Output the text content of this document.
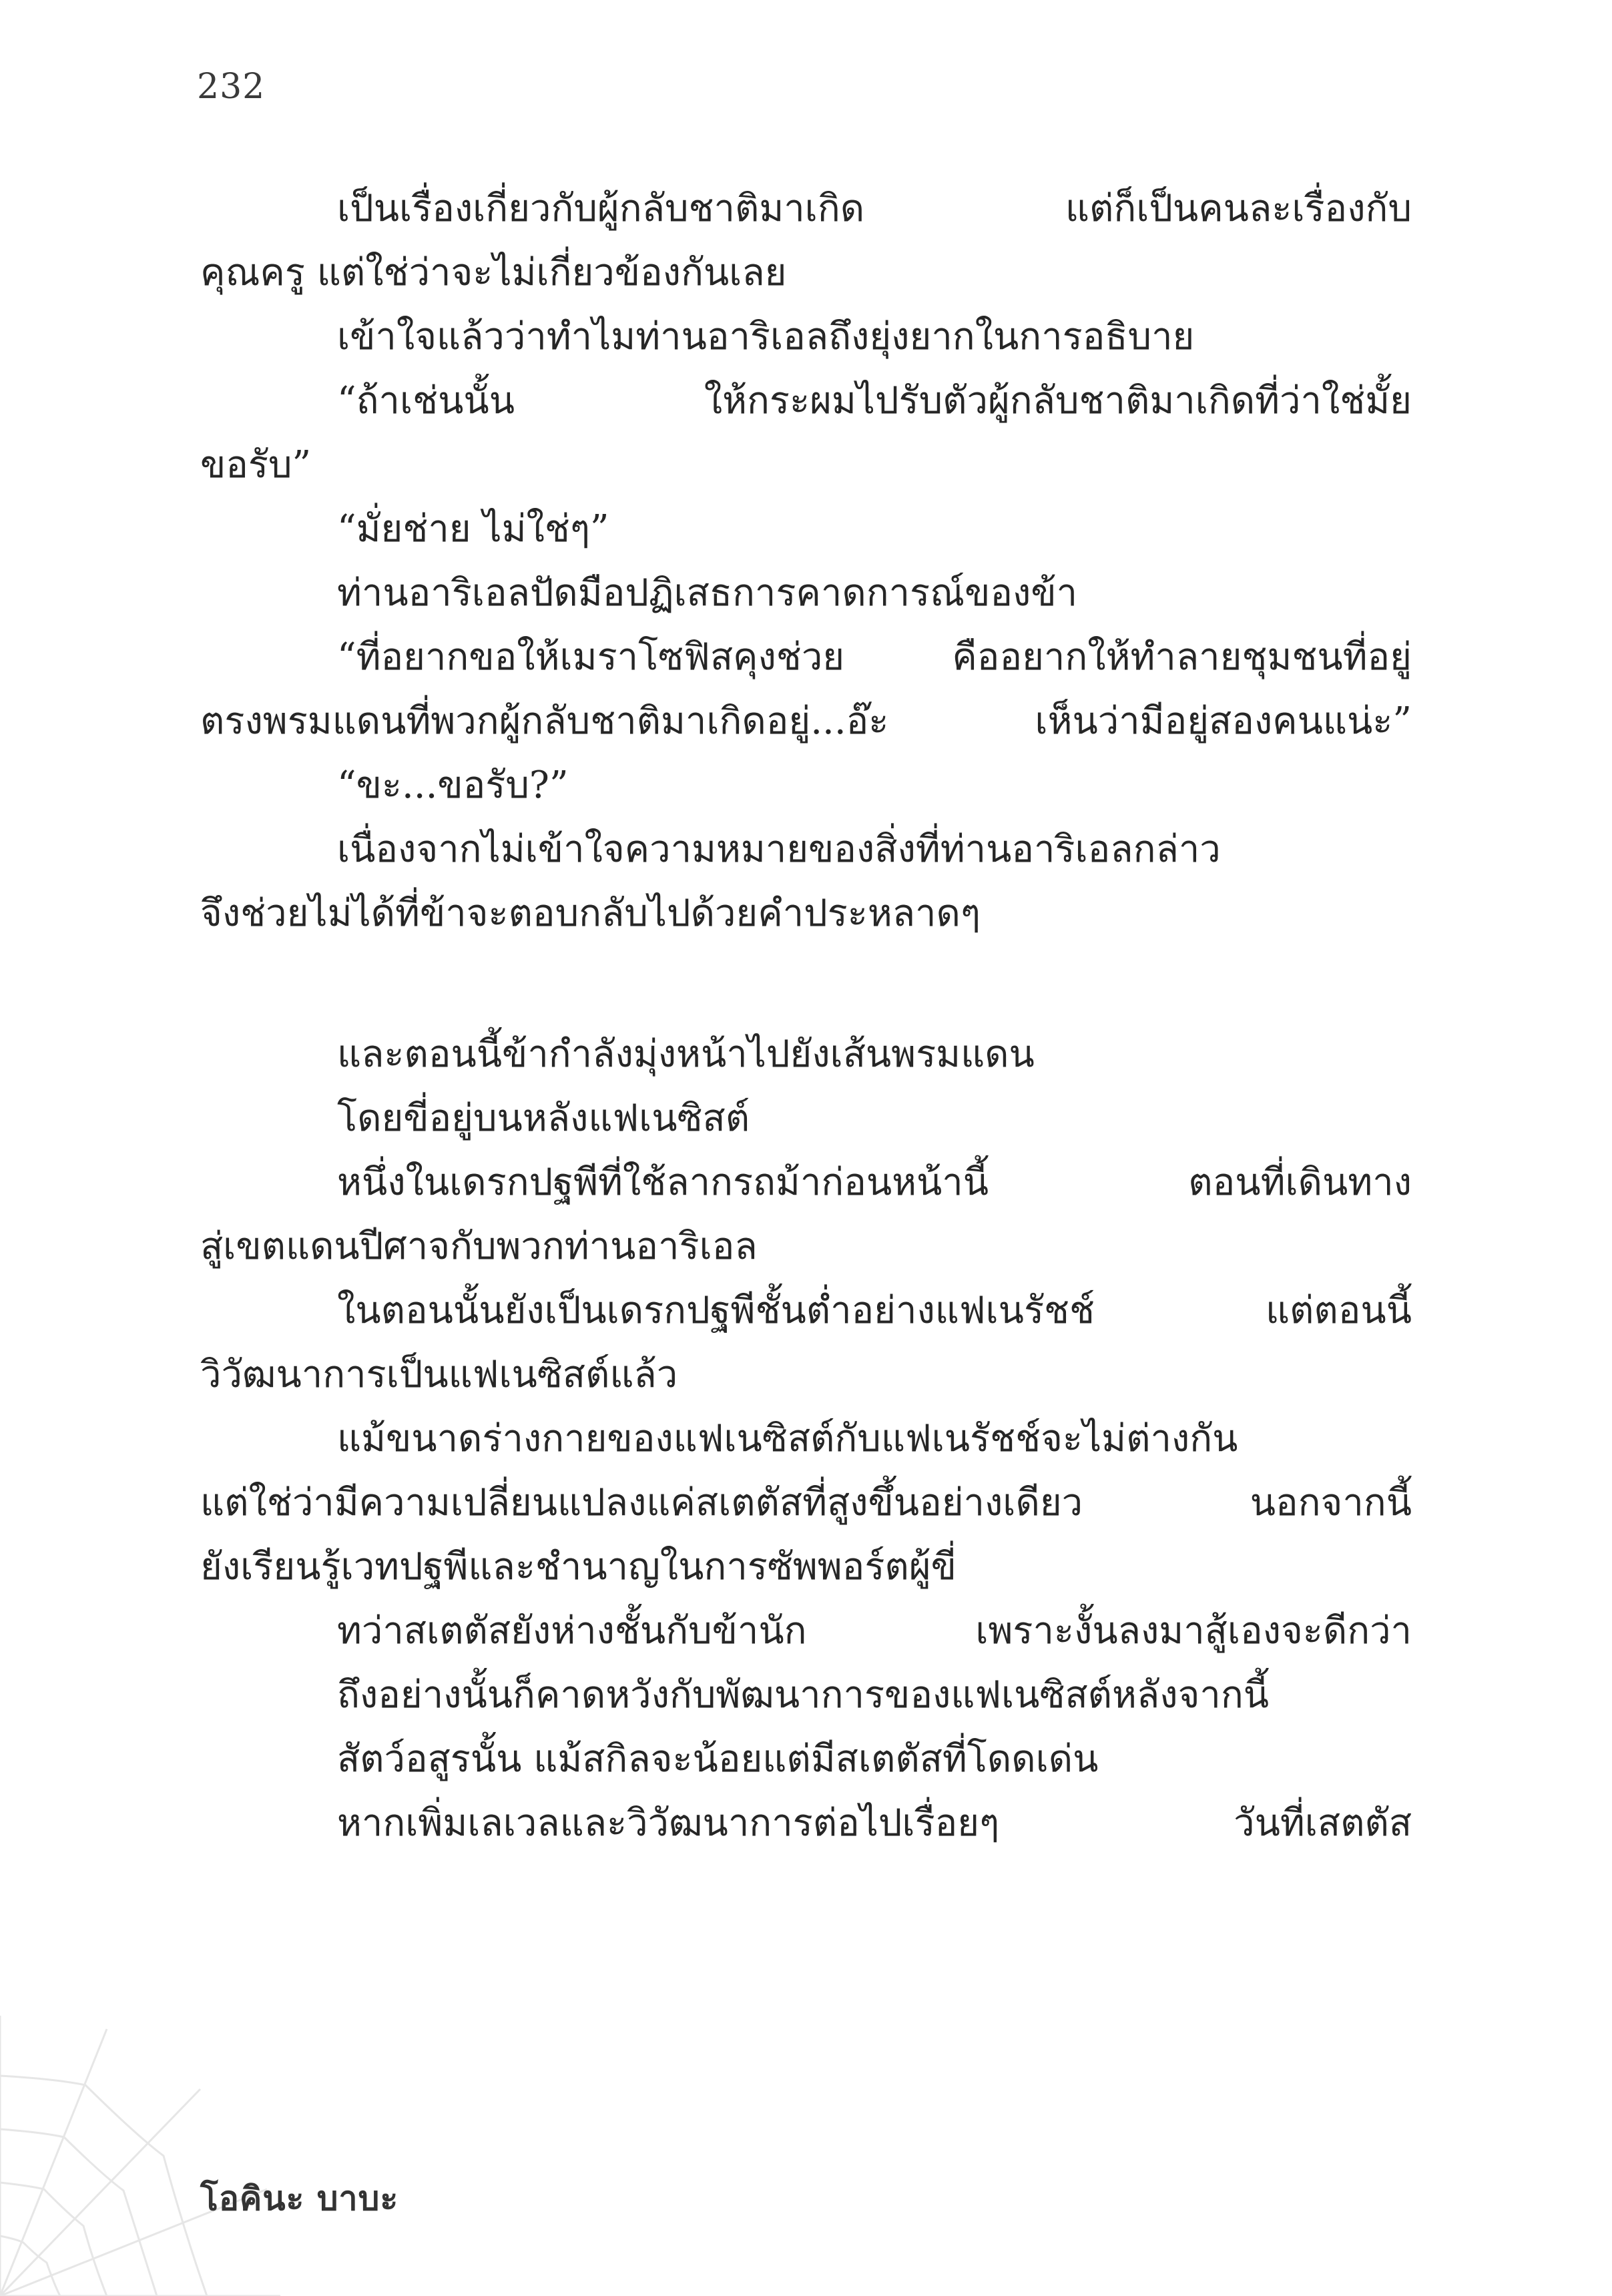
232
เป็นเรื่องเกี่ยวกับผู้กลับชาติมาเกิด แต่ก็เป็นคนละเรื่องกับ
คุณครู แต่ใช่ว่าจะไม่เกี่ยวข้องกันเลย
เข้าใจแล้วว่าทำไมท่านอาริเอลถึงยุ่งยากในการอธิบาย
“ถ้าเช่นนั้น ให้กระผมไปรับตัวผู้กลับชาติมาเกิดที่ว่าใช่มั้ย
ขอรับ”
“มั่ยช่าย ไม่ใช่ๆ”
ท่านอาริเอลปัดมือปฏิเสธการคาดการณ์ของข้า
“ที่อยากขอให้เมราโซฟิสคุงช่วย คืออยากให้ทำลายชุมชนที่อยู่
ตรงพรมแดนที่พวกผู้กลับชาติมาเกิดอยู่...อ๊ะ เห็นว่ามีอยู่สองคนแน่ะ”
“ขะ...ขอรับ?”
เนื่องจากไม่เข้าใจความหมายของสิ่งที่ท่านอาริเอลกล่าว
จึงช่วยไม่ได้ที่ข้าจะตอบกลับไปด้วยคำประหลาดๆ
และตอนนี้ข้ากำลังมุ่งหน้าไปยังเส้นพรมแดน
โดยขี่อยู่บนหลังแฟเนซิสต์
หนึ่งในเดรกปฐพีที่ใช้ลากรถม้าก่อนหน้านี้ ตอนที่เดินทาง
สู่เขตแดนปีศาจกับพวกท่านอาริเอล
ในตอนนั้นยังเป็นเดรกปฐพีชั้นต่ำอย่างแฟเนรัชช์ แต่ตอนนี้
วิวัฒนาการเป็นแฟเนซิสต์แล้ว
แม้ขนาดร่างกายของแฟเนซิสต์กับแฟเนรัชช์จะไม่ต่างกัน
แต่ใช่ว่ามีความเปลี่ยนแปลงแค่สเตตัสที่สูงขึ้นอย่างเดียว นอกจากนี้
ยังเรียนรู้เวทปฐพีและชำนาญในการซัพพอร์ตผู้ขี่
ทว่าสเตตัสยังห่างชั้นกับข้านัก เพราะงั้นลงมาสู้เองจะดีกว่า
ถึงอย่างนั้นก็คาดหวังกับพัฒนาการของแฟเนซิสต์หลังจากนี้
สัตว์อสูรนั้น แม้สกิลจะน้อยแต่มีสเตตัสที่โดดเด่น
หากเพิ่มเลเวลและวิวัฒนาการต่อไปเรื่อยๆ วันที่เสตตัส
โอคินะ บาบะ
